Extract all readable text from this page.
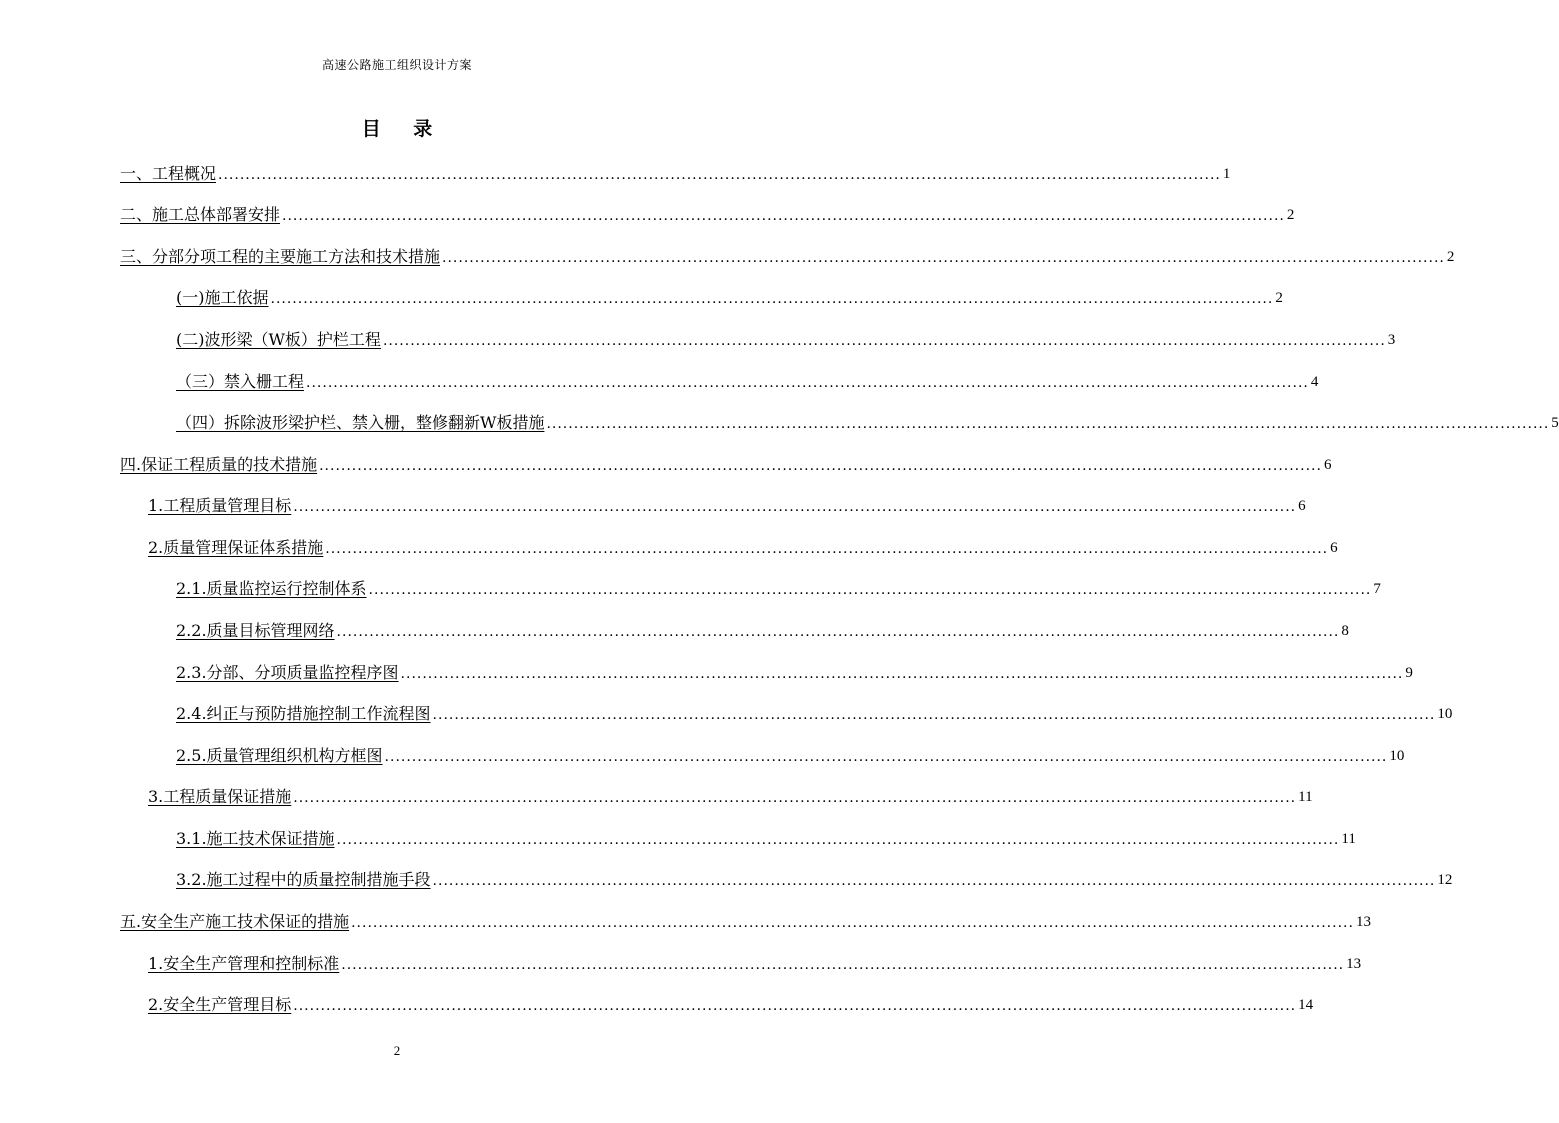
高速公路施工组织设计方案
目 录
一、工程概况 ........................................................................................................................................................................................ 1
二、施工总体部署安排 ........................................................................................................................................................................................ 2
三、分部分项工程的主要施工方法和技术措施 ........................................................................................................................................................................................ 2
(一)施工依据 ........................................................................................................................................................................................ 2
(二)波形梁（W板）护栏工程 ........................................................................................................................................................................................ 3
（三）禁入栅工程 ........................................................................................................................................................................................ 4
（四）拆除波形梁护栏、禁入栅，整修翻新W板措施 ........................................................................................................................................................................................ 5
四.保证工程质量的技术措施 ........................................................................................................................................................................................ 6
1.工程质量管理目标 ........................................................................................................................................................................................ 6
2.质量管理保证体系措施 ........................................................................................................................................................................................ 6
2.1.质量监控运行控制体系 ........................................................................................................................................................................................ 7
2.2.质量目标管理网络 ........................................................................................................................................................................................ 8
2.3.分部、分项质量监控程序图 ........................................................................................................................................................................................ 9
2.4.纠正与预防措施控制工作流程图 ........................................................................................................................................................................................ 10
2.5.质量管理组织机构方框图 ........................................................................................................................................................................................ 10
3.工程质量保证措施 ........................................................................................................................................................................................ 11
3.1.施工技术保证措施 ........................................................................................................................................................................................ 11
3.2.施工过程中的质量控制措施手段 ........................................................................................................................................................................................ 12
五.安全生产施工技术保证的措施 ........................................................................................................................................................................................ 13
1.安全生产管理和控制标准 ........................................................................................................................................................................................ 13
2.安全生产管理目标 ........................................................................................................................................................................................ 14
2
